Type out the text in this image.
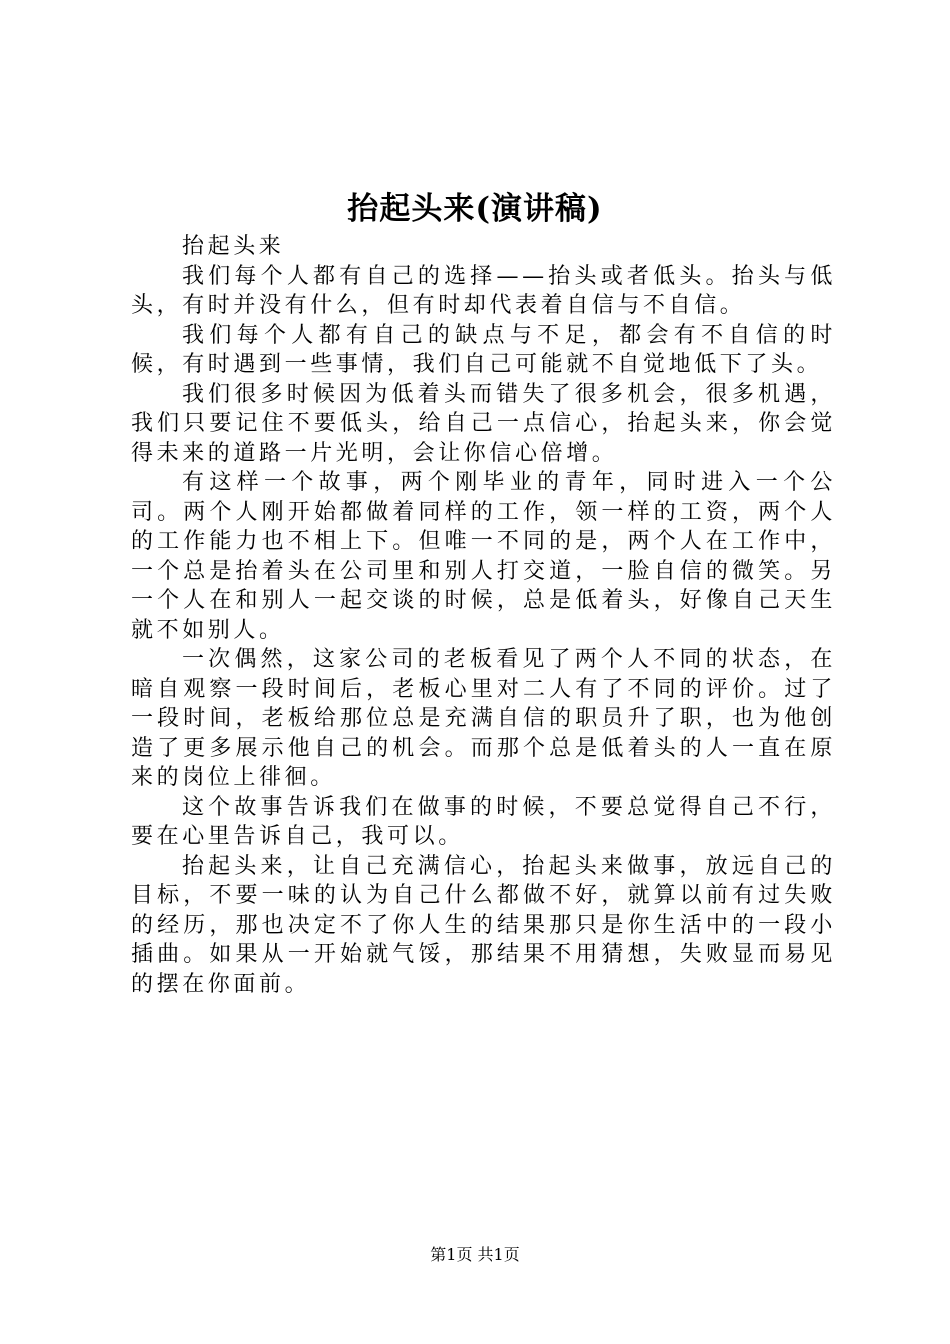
抬起头来(演讲稿)

抬起头来

我们每个人都有自己的选择——抬头或者低头。抬头与低头，有时并没有什么，但有时却代表着自信与不自信。

我们每个人都有自己的缺点与不足，都会有不自信的时候，有时遇到一些事情，我们自己可能就不自觉地低下了头。

我们很多时候因为低着头而错失了很多机会，很多机遇，我们只要记住不要低头，给自己一点信心，抬起头来，你会觉得未来的道路一片光明，会让你信心倍增。

有这样一个故事，两个刚毕业的青年，同时进入一个公司。两个人刚开始都做着同样的工作，领一样的工资，两个人的工作能力也不相上下。但唯一不同的是，两个人在工作中，一个总是抬着头在公司里和别人打交道，一脸自信的微笑。另一个人在和别人一起交谈的时候，总是低着头，好像自己天生就不如别人。

一次偶然，这家公司的老板看见了两个人不同的状态，在暗自观察一段时间后，老板心里对二人有了不同的评价。过了一段时间，老板给那位总是充满自信的职员升了职，也为他创造了更多展示他自己的机会。而那个总是低着头的人一直在原来的岗位上徘徊。

这个故事告诉我们在做事的时候，不要总觉得自己不行，要在心里告诉自己，我可以。

抬起头来，让自己充满信心，抬起头来做事，放远自己的目标，不要一味的认为自己什么都做不好，就算以前有过失败的经历，那也决定不了你人生的结果那只是你生活中的一段小插曲。如果从一开始就气馁，那结果不用猜想，失败显而易见的摆在你面前。

第1页 共1页
